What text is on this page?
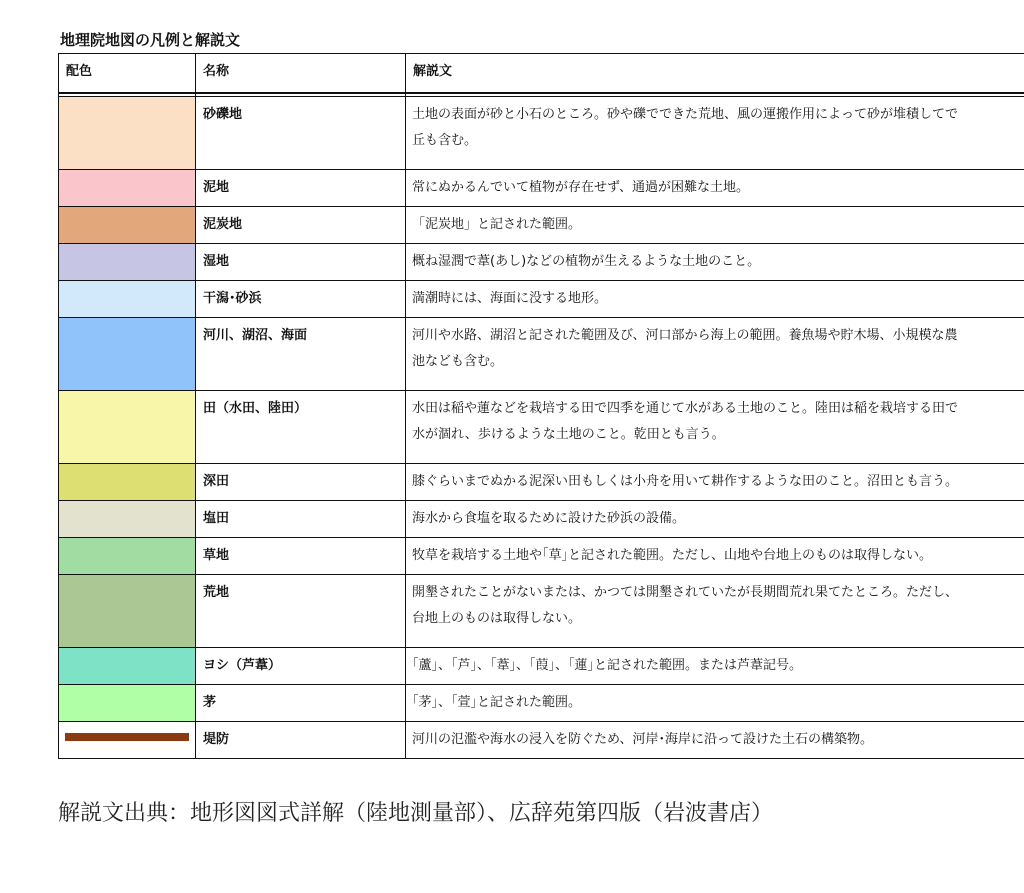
地理院地図の凡例と解説文
配色	名称	解説文

	砂礫地	土地の表面が砂と小石のところ。砂や礫でできた荒地、風の運搬作用によって砂が堆積してで
丘も含む。

	泥地	常にぬかるんでいて植物が存在せず、通過が困難な土地。

	泥炭地	「泥炭地」と記された範囲。

	湿地	概ね湿潤で葦(あし)などの植物が生えるような土地のこと。

	干潟･砂浜	満潮時には、海面に没する地形。

	河川、湖沼、海面	河川や水路、湖沼と記された範囲及び、河口部から海上の範囲。養魚場や貯木場、小規模な農
池なども含む。

	田（水田、陸田）	水田は稲や蓮などを栽培する田で四季を通じて水がある土地のこと。陸田は稲を栽培する田で
水が涸れ、歩けるような土地のこと。乾田とも言う。

	深田	膝ぐらいまでぬかる泥深い田もしくは小舟を用いて耕作するような田のこと。沼田とも言う。

	塩田	海水から食塩を取るために設けた砂浜の設備。

	草地	牧草を栽培する土地や｢草｣と記された範囲。ただし、山地や台地上のものは取得しない。

	荒地	開墾されたことがないまたは、かつては開墾されていたが長期間荒れ果てたところ。ただし、
台地上のものは取得しない。

	ヨシ（芦葦）	｢蘆｣、｢芦｣、｢葦｣、｢葭｣、｢蓮｣と記された範囲。または芦葦記号。

	茅	｢茅｣、｢萱｣と記された範囲。

	堤防	河川の氾濫や海水の浸入を防ぐため、河岸･海岸に沿って設けた土石の構築物。
解説文出典：地形図図式詳解（陸地測量部）、広辞苑第四版（岩波書店）
